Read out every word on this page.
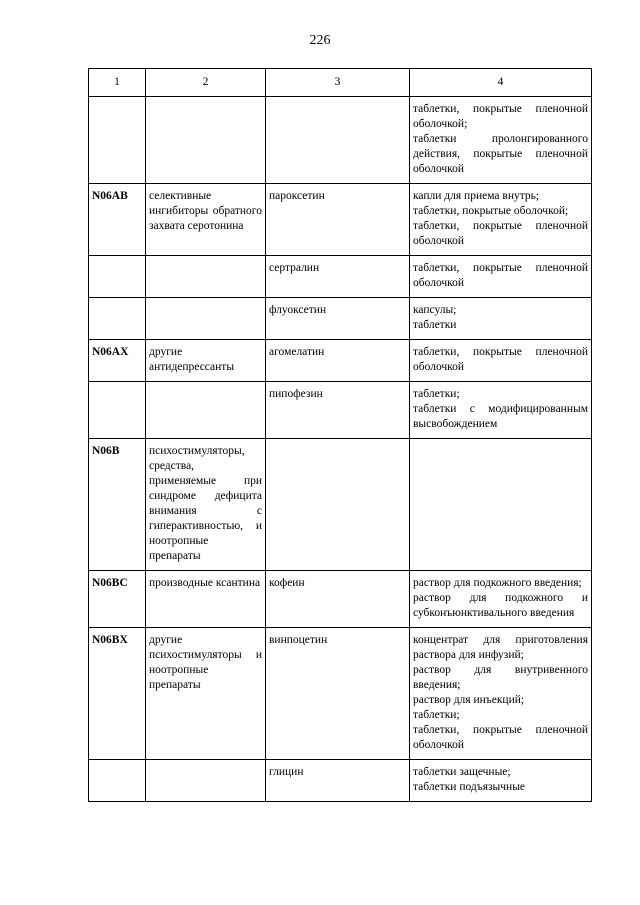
226
1	2	3	4

			таблетки, покрытые пленочной оболочкой;
таблетки пролонгированного действия, покрытые пленочной оболочкой

N06AB	селективные ингибиторы обратного захвата серотонина	пароксетин	капли для приема внутрь;
таблетки, покрытые оболочкой;
таблетки, покрытые пленочной оболочкой

		сертралин	таблетки, покрытые пленочной оболочкой

		флуоксетин	капсулы;
таблетки

N06AX	другие антидепрессанты	агомелатин	таблетки, покрытые пленочной оболочкой

		пипофезин	таблетки;
таблетки с модифицированным высвобождением

N06B	психостимуляторы, средства, применяемые при синдроме дефицита внимания с гиперактивностью, и ноотропные препараты		
N06BC	производные ксантина	кофеин	раствор для подкожного введения;
раствор для подкожного и субконъюнктивального введения

N06BX	другие психостимуляторы и ноотропные препараты	винпоцетин	концентрат для приготовления раствора для инфузий;
раствор для внутривенного введения;
раствор для инъекций;
таблетки;
таблетки, покрытые пленочной оболочкой

		глицин	таблетки защечные;
таблетки подъязычные
